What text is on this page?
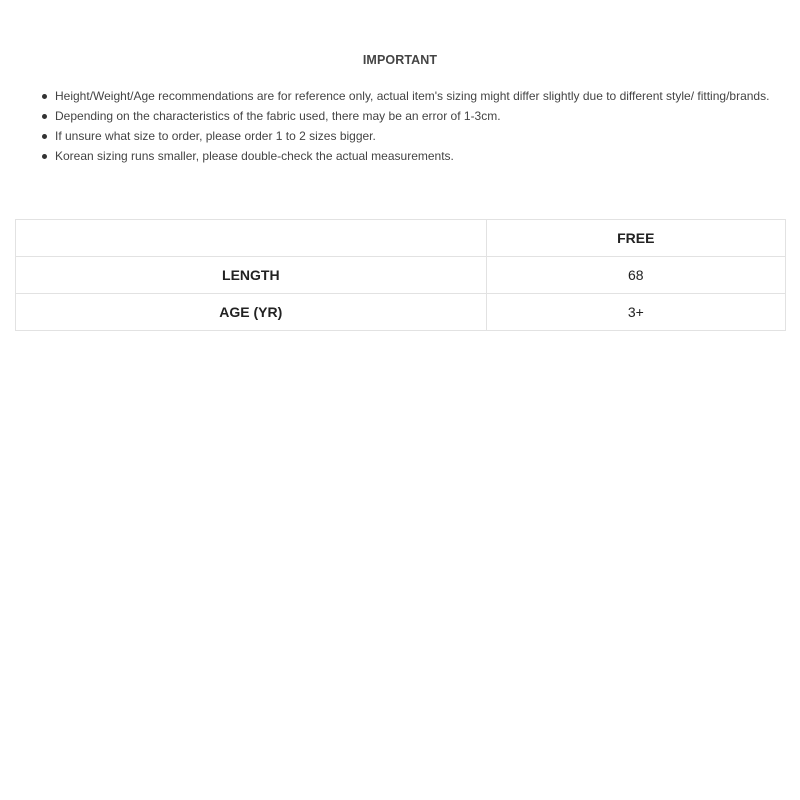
IMPORTANT
Height/Weight/Age recommendations are for reference only, actual item's sizing might differ slightly due to different style/ fitting/brands.
Depending on the characteristics of the fabric used, there may be an error of 1-3cm.
If unsure what size to order, please order 1 to 2 sizes bigger.
Korean sizing runs smaller, please double-check the actual measurements.
	FREE
LENGTH	68
AGE (YR)	3+
